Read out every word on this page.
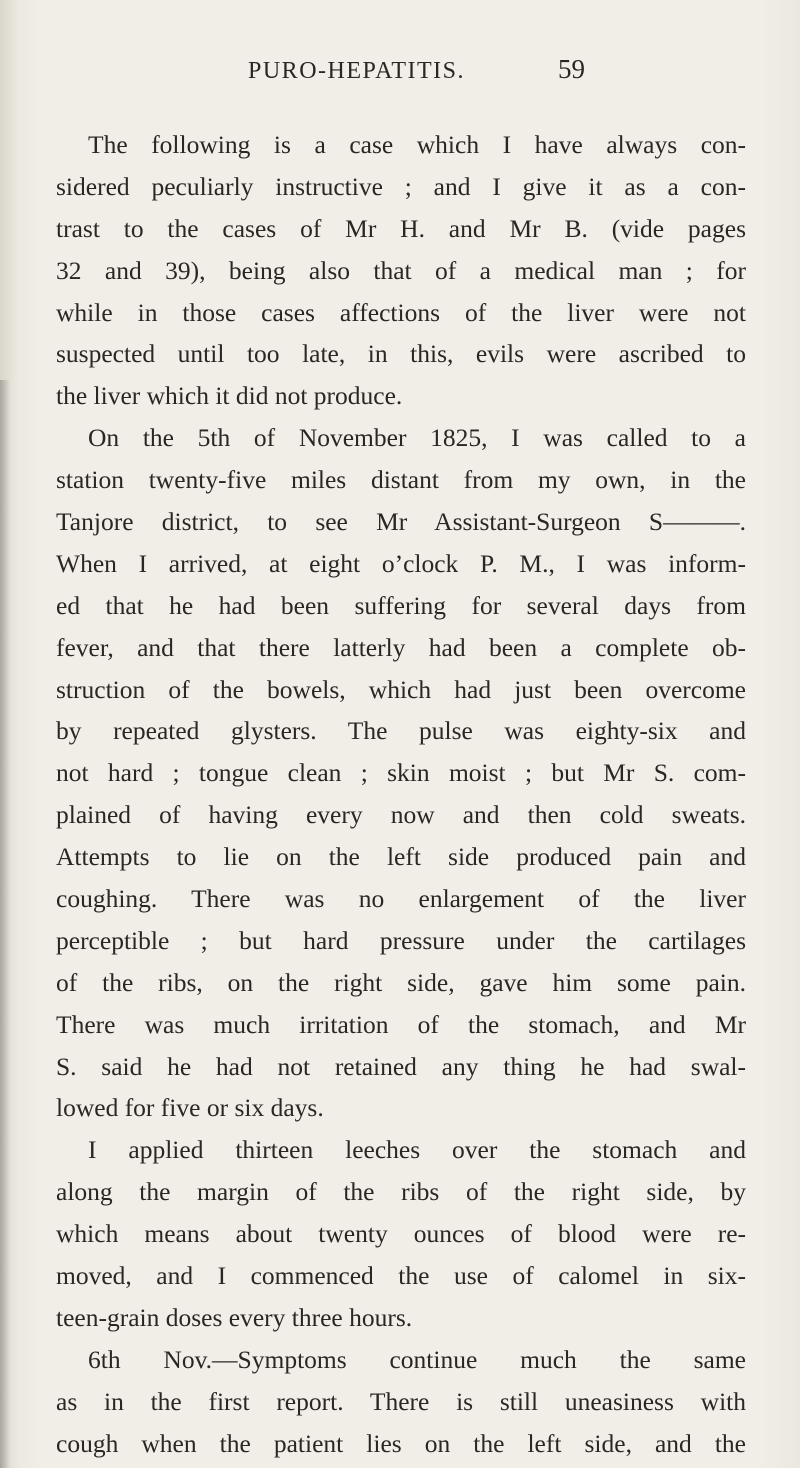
PURO-HEPATITIS.	59
The following is a case which I have always con-
sidered peculiarly instructive ; and I give it as a con-
trast to the cases of Mr H. and Mr B. (vide pages
32 and 39), being also that of a medical man ; for
while in those cases affections of the liver were not
suspected until too late, in this, evils were ascribed to
the liver which it did not produce.
On the 5th of November 1825, I was called to a
station twenty-five miles distant from my own, in the
Tanjore district, to see Mr Assistant-Surgeon S———.
When I arrived, at eight o’clock P. M., I was inform-
ed that he had been suffering for several days from
fever, and that there latterly had been a complete ob-
struction of the bowels, which had just been overcome
by repeated glysters. The pulse was eighty-six and
not hard ; tongue clean ; skin moist ; but Mr S. com-
plained of having every now and then cold sweats.
Attempts to lie on the left side produced pain and
coughing. There was no enlargement of the liver
perceptible ; but hard pressure under the cartilages
of the ribs, on the right side, gave him some pain.
There was much irritation of the stomach, and Mr
S. said he had not retained any thing he had swal-
lowed for five or six days.
I applied thirteen leeches over the stomach and
along the margin of the ribs of the right side, by
which means about twenty ounces of blood were re-
moved, and I commenced the use of calomel in six-
teen-grain doses every three hours.
6th Nov.—Symptoms continue much the same
as in the first report. There is still uneasiness with
cough when the patient lies on the left side, and the
